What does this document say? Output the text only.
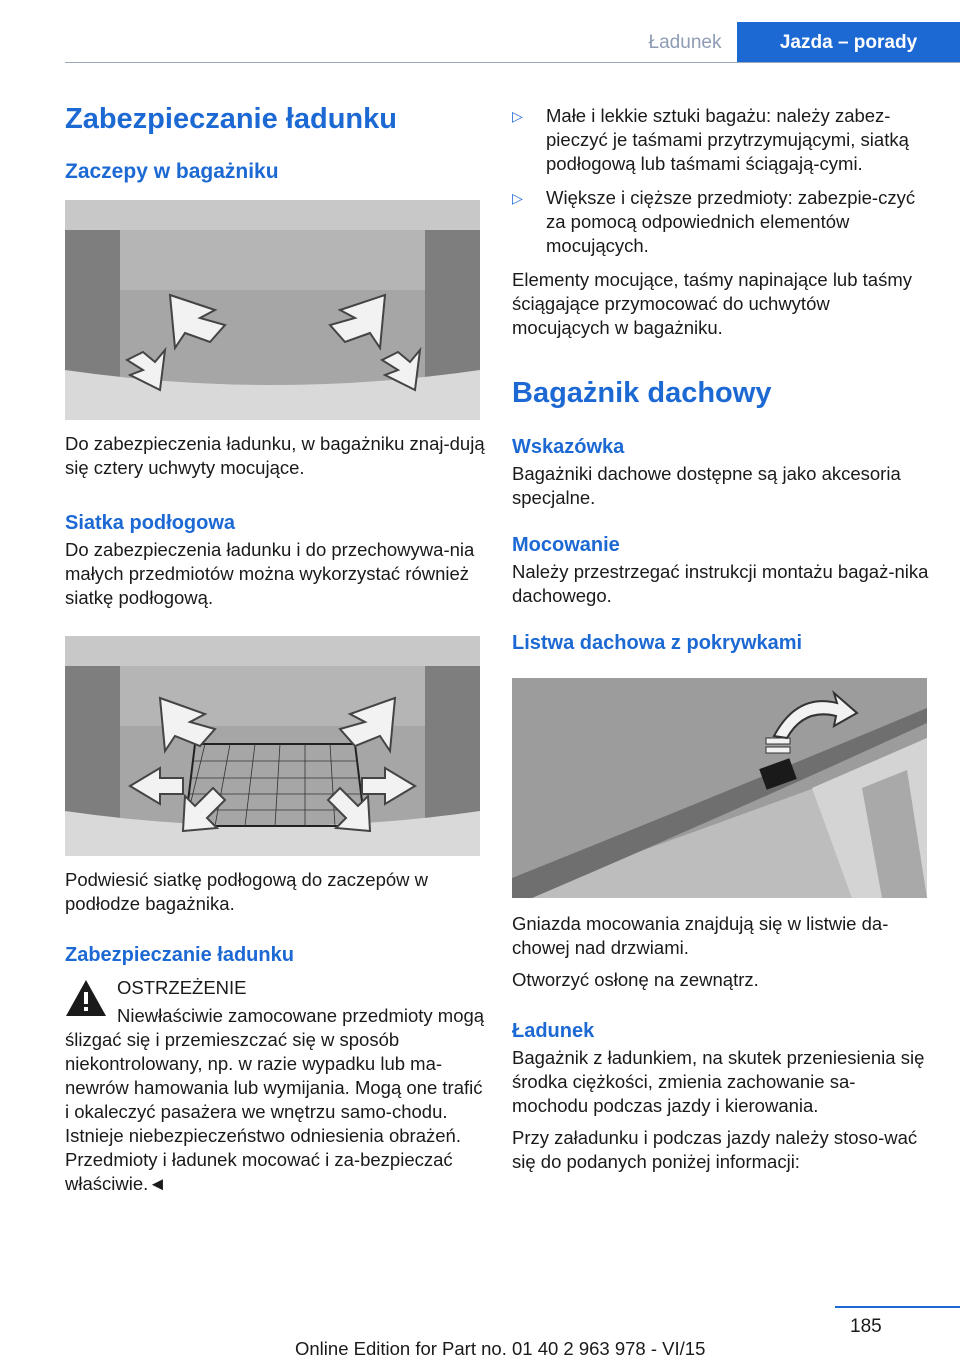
Ładunek	Jazda – porady
Zabezpieczanie ładunku
Zaczepy w bagażniku
Do zabezpieczenia ładunku, w bagażniku znaj-dują się cztery uchwyty mocujące.
Siatka podłogowa
Do zabezpieczenia ładunku i do przechowywa-nia małych przedmiotów można wykorzystać również siatkę podłogową.
Podwiesić siatkę podłogową do zaczepów w podłodze bagażnika.
Zabezpieczanie ładunku
OSTRZEŻENIE
Niewłaściwie zamocowane przedmioty mogą ślizgać się i przemieszczać się w sposób niekontrolowany, np. w razie wypadku lub ma-newrów hamowania lub wymijania. Mogą one trafić i okaleczyć pasażera we wnętrzu samo-chodu. Istnieje niebezpieczeństwo odniesienia obrażeń. Przedmioty i ładunek mocować i za-bezpieczać właściwie.◄
▷	Małe i lekkie sztuki bagażu: należy zabez-pieczyć je taśmami przytrzymującymi, siatką podłogową lub taśmami ściągają-cymi.
▷	Większe i cięższe przedmioty: zabezpie-czyć za pomocą odpowiednich elementów mocujących.
Elementy mocujące, taśmy napinające lub taśmy ściągające przymocować do uchwytów mocujących w bagażniku.
Bagażnik dachowy
Wskazówka
Bagażniki dachowe dostępne są jako akcesoria specjalne.
Mocowanie
Należy przestrzegać instrukcji montażu bagaż-nika dachowego.
Listwa dachowa z pokrywkami
Gniazda mocowania znajdują się w listwie da-chowej nad drzwiami.
Otworzyć osłonę na zewnątrz.
Ładunek
Bagażnik z ładunkiem, na skutek przeniesienia się środka ciężkości, zmienia zachowanie sa-mochodu podczas jazdy i kierowania.
Przy załadunku i podczas jazdy należy stoso-wać się do podanych poniżej informacji:
185
Online Edition for Part no. 01 40 2 963 978 - VI/15
